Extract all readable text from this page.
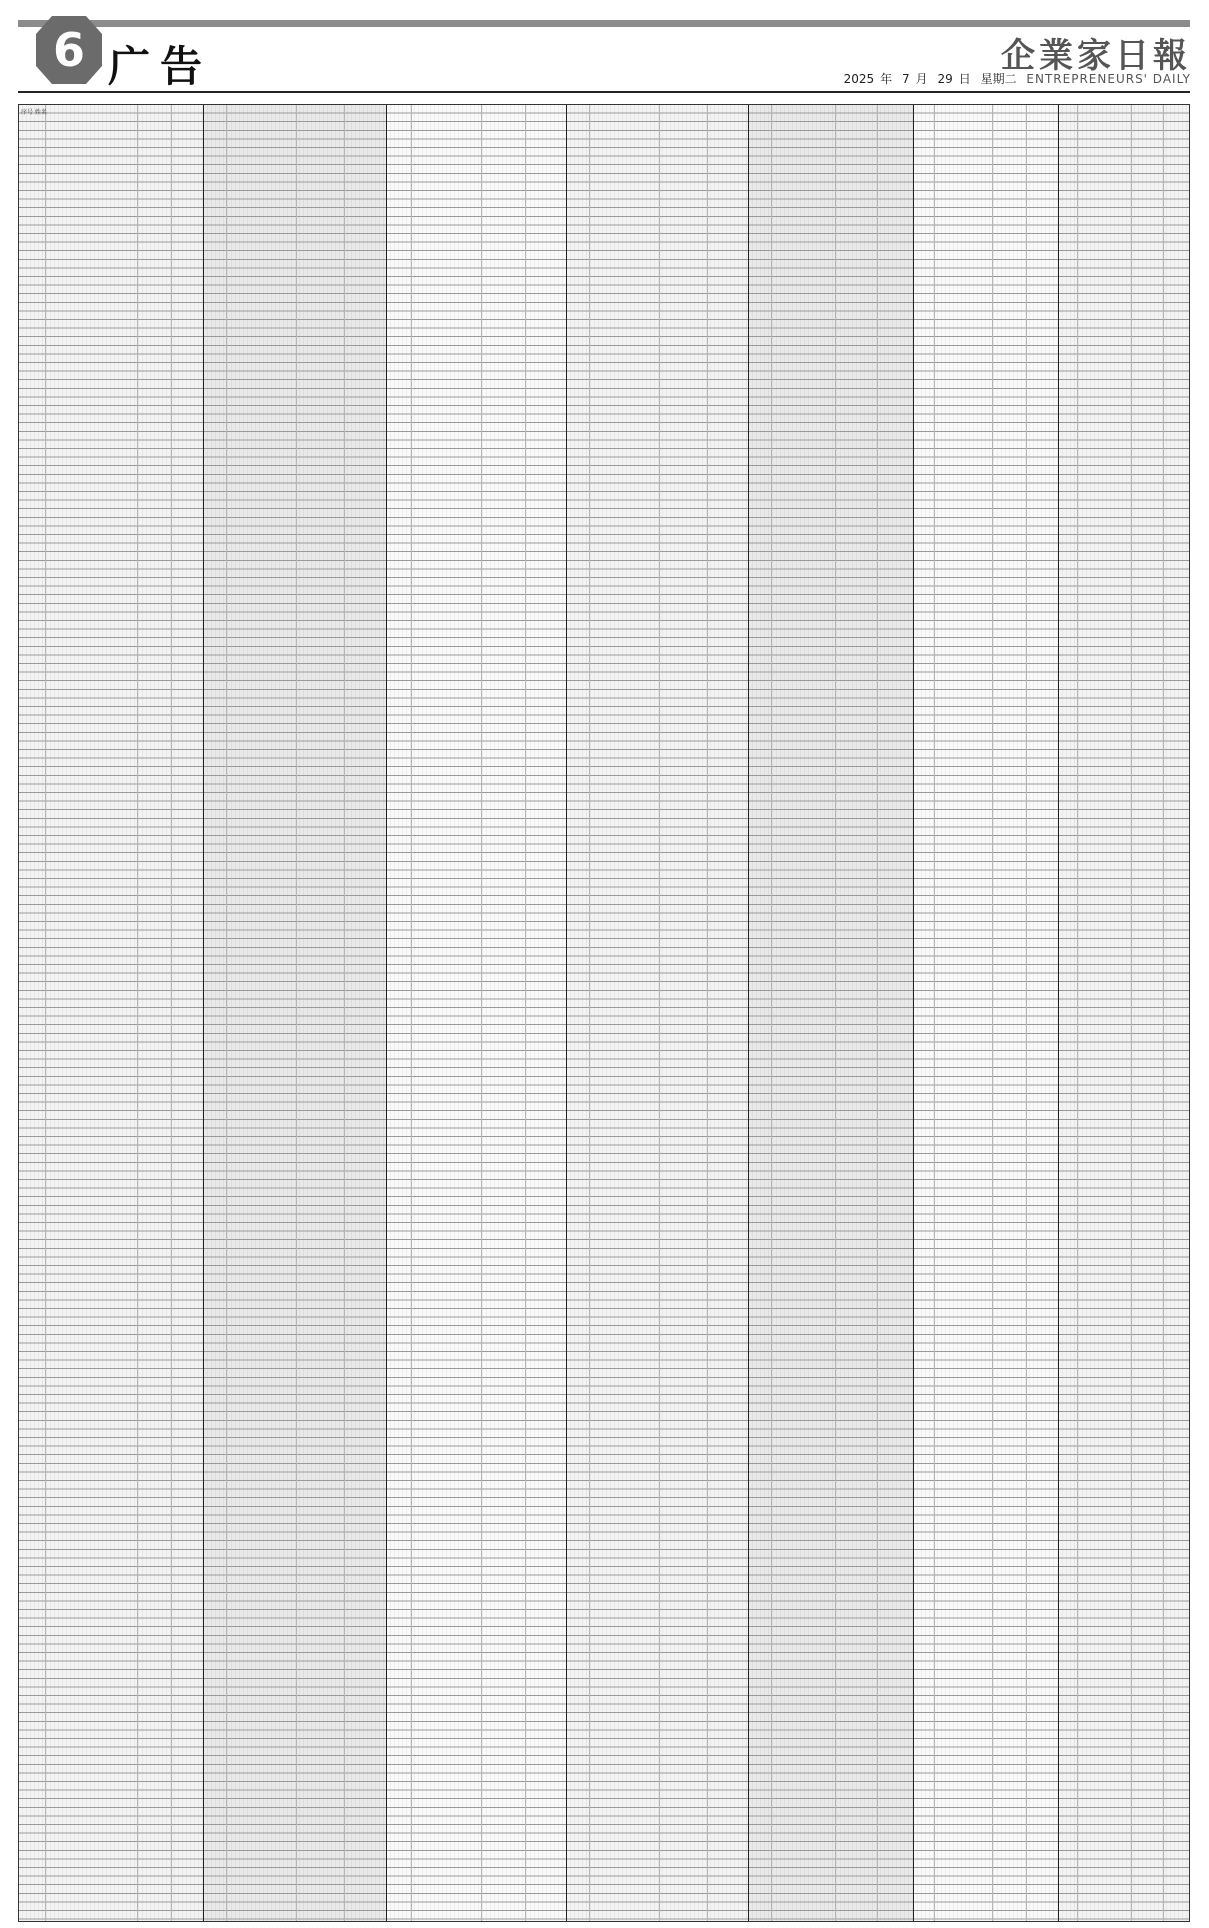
6 广告	企業家日報
2025 年 7 月 29 日 星期二 ENTREPRENEURS' DAILY
序号 姓名
